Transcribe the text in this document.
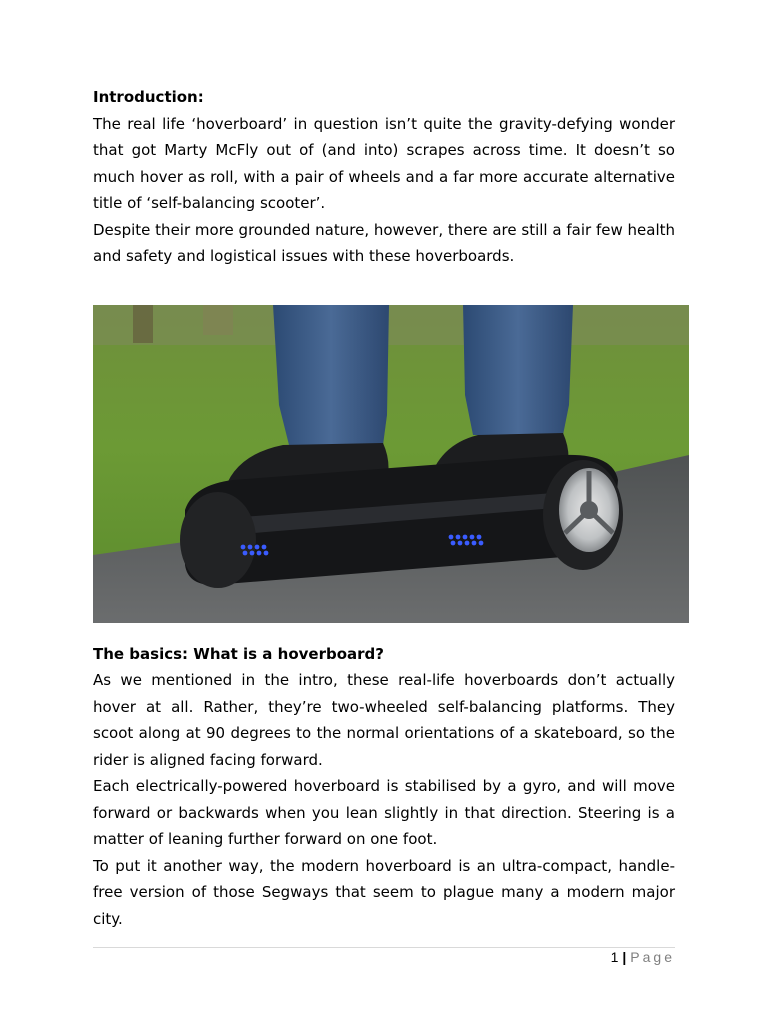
Introduction:

The real life ‘hoverboard’ in question isn’t quite the gravity-defying wonder that got Marty McFly out of (and into) scrapes across time. It doesn’t so much hover as roll, with a pair of wheels and a far more accurate alternative title of ‘self-balancing scooter’.

Despite their more grounded nature, however, there are still a fair few health and safety and logistical issues with these hoverboards.

The basics: What is a hoverboard?

As we mentioned in the intro, these real-life hoverboards don’t actually hover at all. Rather, they’re two-wheeled self-balancing platforms. They scoot along at 90 degrees to the normal orientations of a skateboard, so the rider is aligned facing forward.

Each electrically-powered hoverboard is stabilised by a gyro, and will move forward or backwards when you lean slightly in that direction. Steering is a matter of leaning further forward on one foot.

To put it another way, the modern hoverboard is an ultra-compact, handle-free version of those Segways that seem to plague many a modern major city.

1 | Page
